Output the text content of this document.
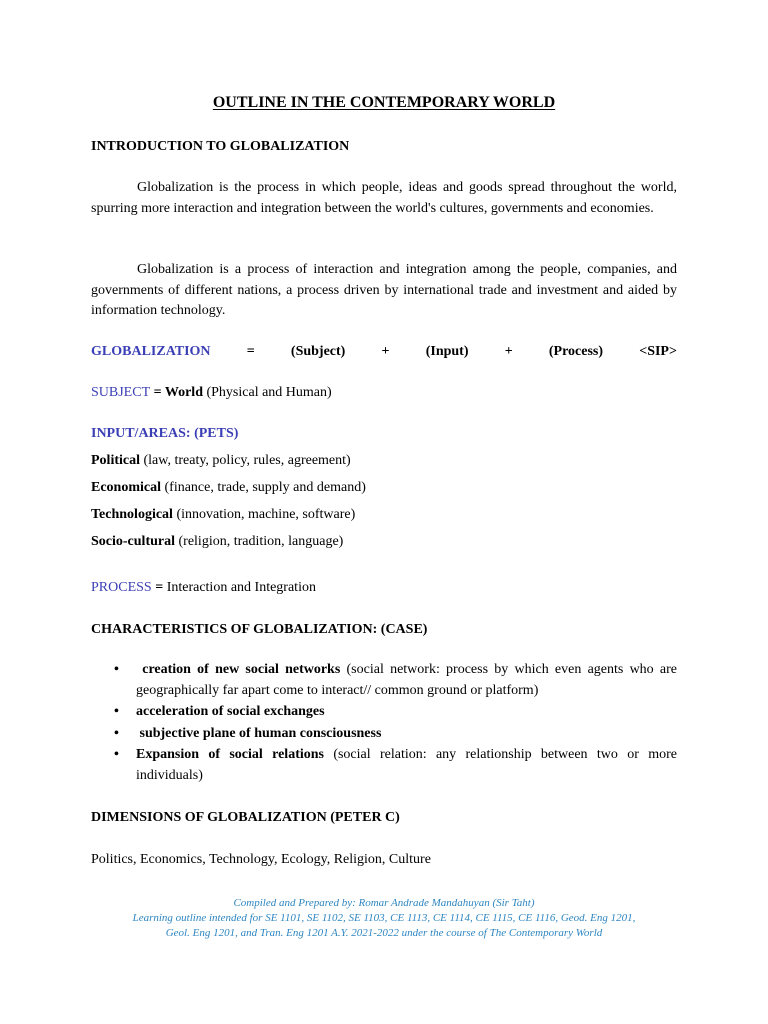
OUTLINE IN THE CONTEMPORARY WORLD
INTRODUCTION TO GLOBALIZATION
Globalization is the process in which people, ideas and goods spread throughout the world, spurring more interaction and integration between the world's cultures, governments and economies.
Globalization is a process of interaction and integration among the people, companies, and governments of different nations, a process driven by international trade and investment and aided by information technology.
GLOBALIZATION	=	(Subject)	+	(Input)	+	(Process)	<SIP>
SUBJECT = World (Physical and Human)
INPUT/AREAS: (PETS)
Political (law, treaty, policy, rules, agreement)
Economical (finance, trade, supply and demand)
Technological (innovation, machine, software)
Socio-cultural (religion, tradition, language)
PROCESS = Interaction and Integration
CHARACTERISTICS OF GLOBALIZATION: (CASE)
• creation of new social networks (social network: process by which even agents who are geographically far apart come to interact// common ground or platform)
• acceleration of social exchanges
• subjective plane of human consciousness
• Expansion of social relations (social relation: any relationship between two or more individuals)
DIMENSIONS OF GLOBALIZATION (PETER C)
Politics, Economics, Technology, Ecology, Religion, Culture
Compiled and Prepared by: Romar Andrade Mandahuyan (Sir Taht)
Learning outline intended for SE 1101, SE 1102, SE 1103, CE 1113, CE 1114, CE 1115, CE 1116, Geod. Eng 1201,
Geol. Eng 1201, and Tran. Eng 1201 A.Y. 2021-2022 under the course of The Contemporary World
